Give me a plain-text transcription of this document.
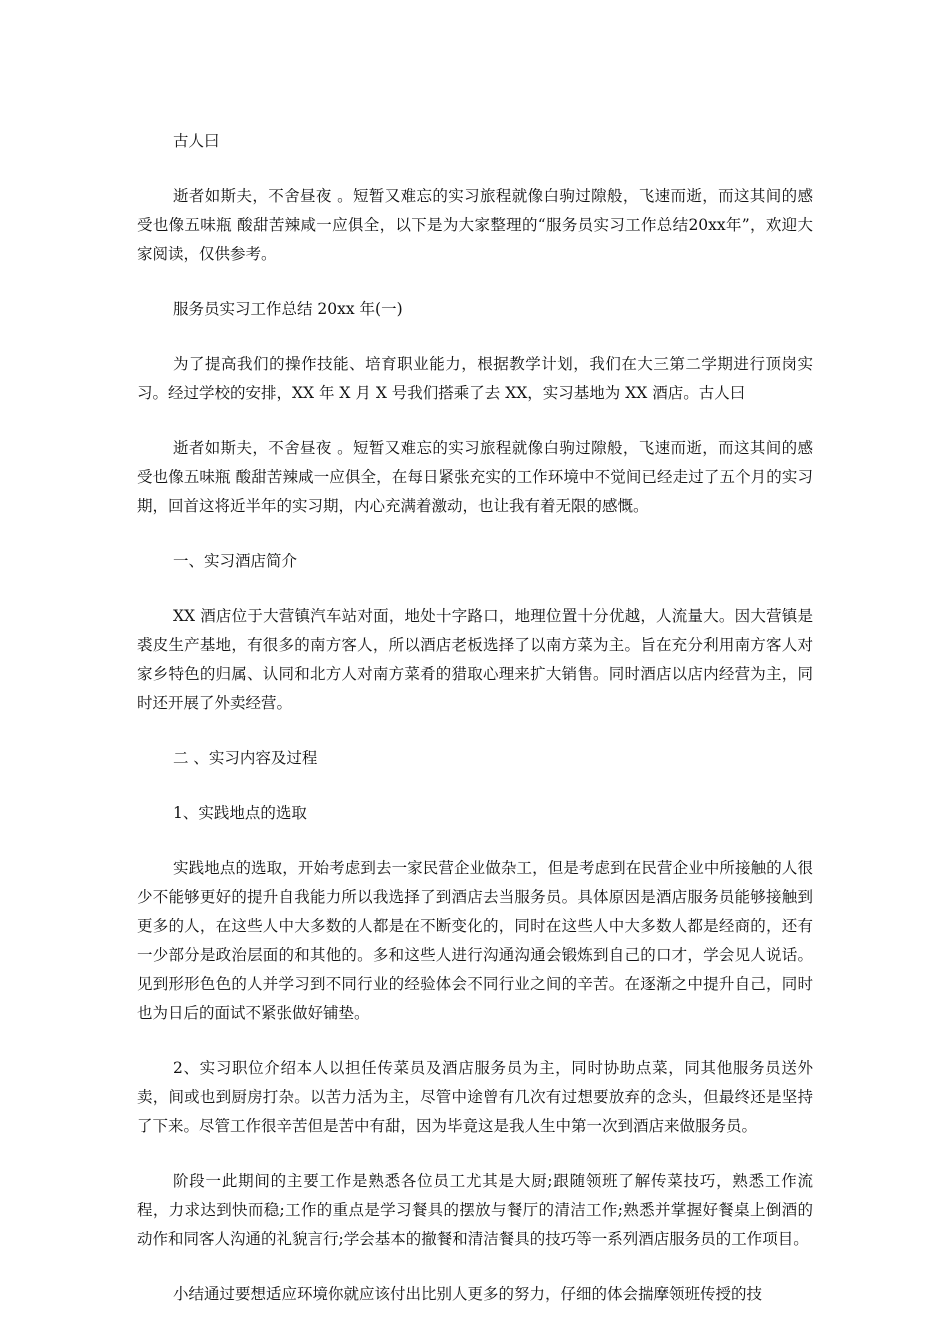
古人曰

逝者如斯夫，不舍昼夜 。短暂又难忘的实习旅程就像白驹过隙般，飞速而逝，而这其间的感受也像五味瓶 酸甜苦辣咸一应俱全，以下是为大家整理的“服务员实习工作总结20xx年”，欢迎大家阅读，仅供参考。

服务员实习工作总结 20xx 年(一)

为了提高我们的操作技能、培育职业能力，根据教学计划，我们在大三第二学期进行顶岗实习。经过学校的安排，XX 年 X 月 X 号我们搭乘了去 XX，实习基地为 XX 酒店。古人曰

逝者如斯夫，不舍昼夜 。短暂又难忘的实习旅程就像白驹过隙般，飞速而逝，而这其间的感受也像五味瓶 酸甜苦辣咸一应俱全，在每日紧张充实的工作环境中不觉间已经走过了五个月的实习期，回首这将近半年的实习期，内心充满着激动，也让我有着无限的感慨。

一、实习酒店简介

XX 酒店位于大营镇汽车站对面，地处十字路口，地理位置十分优越，人流量大。因大营镇是裘皮生产基地，有很多的南方客人，所以酒店老板选择了以南方菜为主。旨在充分利用南方客人对家乡特色的归属、认同和北方人对南方菜肴的猎取心理来扩大销售。同时酒店以店内经营为主，同时还开展了外卖经营。

二 、实习内容及过程

1、实践地点的选取

实践地点的选取，开始考虑到去一家民营企业做杂工，但是考虑到在民营企业中所接触的人很少不能够更好的提升自我能力所以我选择了到酒店去当服务员。具体原因是酒店服务员能够接触到更多的人，在这些人中大多数的人都是在不断变化的，同时在这些人中大多数人都是经商的，还有一少部分是政治层面的和其他的。多和这些人进行沟通沟通会锻炼到自己的口才，学会见人说话。见到形形色色的人并学习到不同行业的经验体会不同行业之间的辛苦。在逐渐之中提升自己，同时也为日后的面试不紧张做好铺垫。

2、实习职位介绍本人以担任传菜员及酒店服务员为主，同时协助点菜，同其他服务员送外卖，间或也到厨房打杂。以苦力活为主，尽管中途曾有几次有过想要放弃的念头，但最终还是坚持了下来。尽管工作很辛苦但是苦中有甜，因为毕竟这是我人生中第一次到酒店来做服务员。

阶段一此期间的主要工作是熟悉各位员工尤其是大厨;跟随领班了解传菜技巧，熟悉工作流程，力求达到快而稳;工作的重点是学习餐具的摆放与餐厅的清洁工作;熟悉并掌握好餐桌上倒酒的动作和同客人沟通的礼貌言行;学会基本的撤餐和清洁餐具的技巧等一系列酒店服务员的工作项目。

小结通过要想适应环境你就应该付出比别人更多的努力，仔细的体会揣摩领班传授的技
